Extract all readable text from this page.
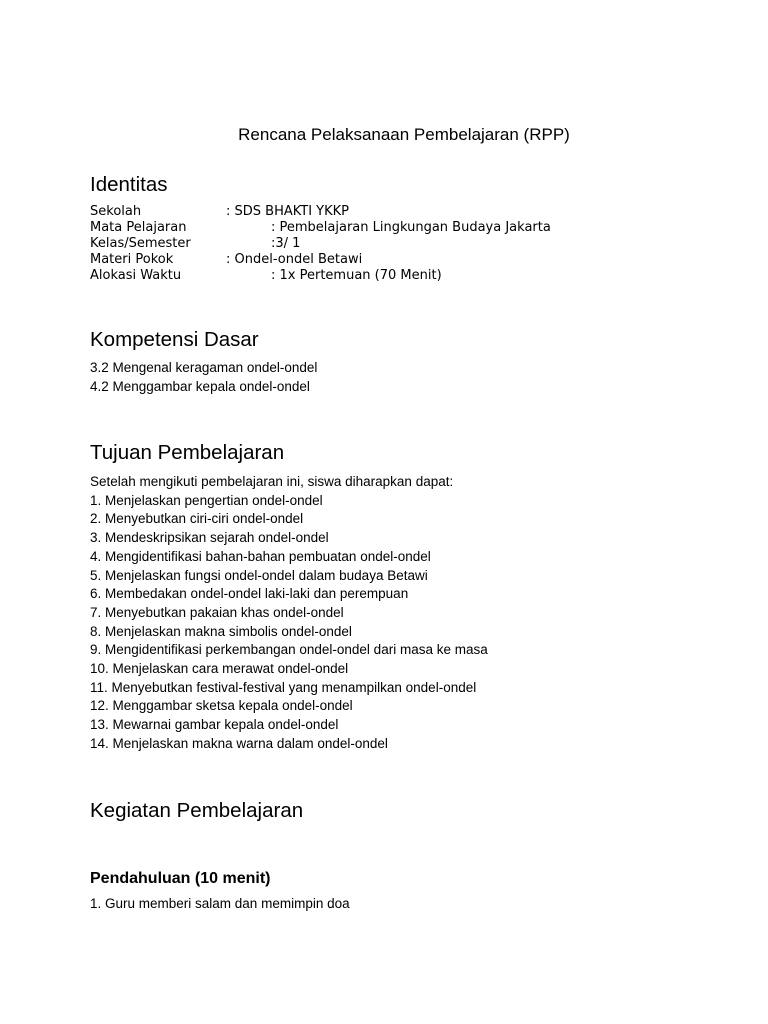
Rencana Pelaksanaan Pembelajaran (RPP)
Identitas
Sekolah	: SDS BHAKTI YKKP
Mata Pelajaran	: Pembelajaran Lingkungan Budaya Jakarta
Kelas/Semester	:3/ 1
Materi Pokok	: Ondel-ondel Betawi
Alokasi Waktu	: 1x Pertemuan (70 Menit)
Kompetensi Dasar
3.2 Mengenal keragaman ondel-ondel
4.2 Menggambar kepala ondel-ondel
Tujuan Pembelajaran
Setelah mengikuti pembelajaran ini, siswa diharapkan dapat:
1. Menjelaskan pengertian ondel-ondel
2. Menyebutkan ciri-ciri ondel-ondel
3. Mendeskripsikan sejarah ondel-ondel
4. Mengidentifikasi bahan-bahan pembuatan ondel-ondel
5. Menjelaskan fungsi ondel-ondel dalam budaya Betawi
6. Membedakan ondel-ondel laki-laki dan perempuan
7. Menyebutkan pakaian khas ondel-ondel
8. Menjelaskan makna simbolis ondel-ondel
9. Mengidentifikasi perkembangan ondel-ondel dari masa ke masa
10. Menjelaskan cara merawat ondel-ondel
11. Menyebutkan festival-festival yang menampilkan ondel-ondel
12. Menggambar sketsa kepala ondel-ondel
13. Mewarnai gambar kepala ondel-ondel
14. Menjelaskan makna warna dalam ondel-ondel
Kegiatan Pembelajaran
Pendahuluan (10 menit)
1. Guru memberi salam dan memimpin doa
